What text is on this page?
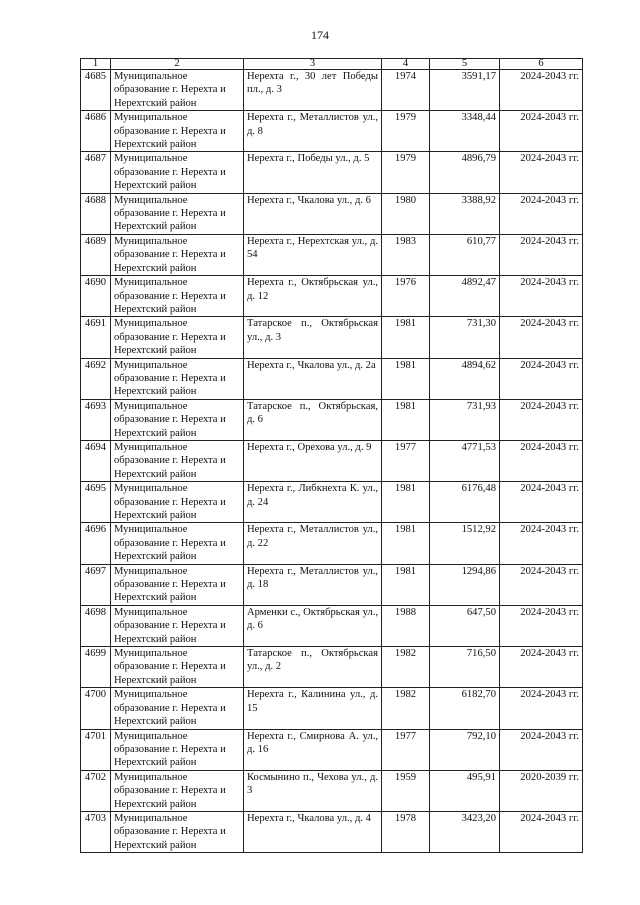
174
1	2	3	4	5	6
4685	Муниципальное образование г. Нерехта и Нерехтский район	Нерехта г., 30 лет Победы пл., д. 3	1974	3591,17	2024-2043 гг.
4686	Муниципальное образование г. Нерехта и Нерехтский район	Нерехта г., Металлистов ул., д. 8	1979	3348,44	2024-2043 гг.
4687	Муниципальное образование г. Нерехта и Нерехтский район	Нерехта г., Победы ул., д. 5	1979	4896,79	2024-2043 гг.
4688	Муниципальное образование г. Нерехта и Нерехтский район	Нерехта г., Чкалова ул., д. 6	1980	3388,92	2024-2043 гг.
4689	Муниципальное образование г. Нерехта и Нерехтский район	Нерехта г., Нерехтская ул., д. 54	1983	610,77	2024-2043 гг.
4690	Муниципальное образование г. Нерехта и Нерехтский район	Нерехта г., Октябрьская ул., д. 12	1976	4892,47	2024-2043 гг.
4691	Муниципальное образование г. Нерехта и Нерехтский район	Татарское п., Октябрьская ул., д. 3	1981	731,30	2024-2043 гг.
4692	Муниципальное образование г. Нерехта и Нерехтский район	Нерехта г., Чкалова ул., д. 2а	1981	4894,62	2024-2043 гг.
4693	Муниципальное образование г. Нерехта и Нерехтский район	Татарское п., Октябрьская, д. 6	1981	731,93	2024-2043 гг.
4694	Муниципальное образование г. Нерехта и Нерехтский район	Нерехта г., Орехова ул., д. 9	1977	4771,53	2024-2043 гг.
4695	Муниципальное образование г. Нерехта и Нерехтский район	Нерехта г., Либкнехта К. ул., д. 24	1981	6176,48	2024-2043 гг.
4696	Муниципальное образование г. Нерехта и Нерехтский район	Нерехта г., Металлистов ул., д. 22	1981	1512,92	2024-2043 гг.
4697	Муниципальное образование г. Нерехта и Нерехтский район	Нерехта г., Металлистов ул., д. 18	1981	1294,86	2024-2043 гг.
4698	Муниципальное образование г. Нерехта и Нерехтский район	Арменки с., Октябрьская ул., д. 6	1988	647,50	2024-2043 гг.
4699	Муниципальное образование г. Нерехта и Нерехтский район	Татарское п., Октябрьская ул., д. 2	1982	716,50	2024-2043 гг.
4700	Муниципальное образование г. Нерехта и Нерехтский район	Нерехта г., Калинина ул., д. 15	1982	6182,70	2024-2043 гг.
4701	Муниципальное образование г. Нерехта и Нерехтский район	Нерехта г., Смирнова А. ул., д. 16	1977	792,10	2024-2043 гг.
4702	Муниципальное образование г. Нерехта и Нерехтский район	Космынино п., Чехова ул., д. 3	1959	495,91	2020-2039 гг.
4703	Муниципальное образование г. Нерехта и Нерехтский район	Нерехта г., Чкалова ул., д. 4	1978	3423,20	2024-2043 гг.
